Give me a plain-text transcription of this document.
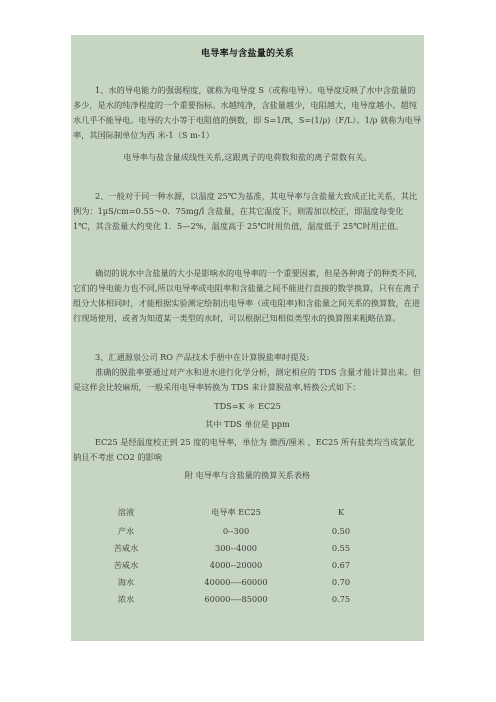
电导率与含盐量的关系

1、水的导电能力的强弱程度，就称为电导度 S（或称电导）。电导度反映了水中含盐量的多少，是水的纯净程度的一个重要指标。水越纯净，含盐量越少，电阻越大，电导度越小。超纯水几乎不能导电。电导的大小等于电阻值的倒数，即 S=1/R，S=(1/ρ)（F/L）。1/ρ 就称为电导率，其国际制单位为西 米-1（S m-1）

电导率与盐含量成线性关系,这跟离子的电荷数和盐的离子常数有关。

2、一般对于同一种水源，以温度 25℃为基准，其电导率与含盐量大致成正比关系，其比例为：1μS/cm=0.55～0．75mg/l 含盐量，在其它温度下，则需加以校正，即温度每变化 1℃，其含盐量大约变化 1．5—2%，温度高于 25℃时用负值，温度低于 25℃时用正值。

确切的说水中含盐量的大小是影响水的电导率的一个重要因素，但是各种离子的种类不同,它们的导电能力也不同,所以电导率或电阻率和含盐量之间不能进行直接的数学换算，只有在离子组分大体相同时，才能根据实验测定绘制出电导率（或电阻率)和含盐量之间关系的换算数，在进行现场使用，或者为知道某一类型的水时，可以根据已知相似类型水的换算图来粗略估算。

3、汇通源泉公司 RO 产品技术手册中在计算脱盐率时提及:

准确的脱盐率要通过对产水和进水进行化学分析，测定相应的 TDS 含量才能计算出来。但是这样会比较麻烦，一般采用电导率转换为 TDS 来计算脱盐率,转换公式如下：

TDS=K ＊ EC25

其中 TDS 单位是 ppm

EC25 是经温度校正到 25 度的电导率，单位为 微西/厘米 ，EC25 所有盐类均当成氯化钠且不考虑 CO2 的影响

附 电导率与含盐量的换算关系表格

溶液	电导率 EC25	K
产水	0--300	0.50
苦咸水	300--4000	0.55
苦咸水	4000--20000	0.67
海水	40000----60000	0.70
浓水	60000----85000	0.75
